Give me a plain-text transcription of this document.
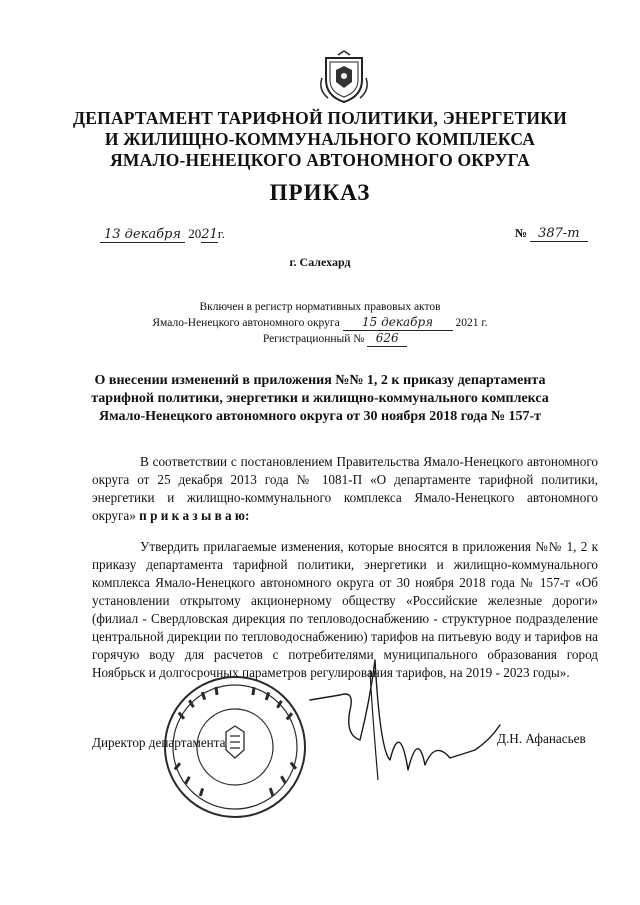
ДЕПАРТАМЕНТ ТАРИФНОЙ ПОЛИТИКИ, ЭНЕРГЕТИКИ
И ЖИЛИЩНО-КОММУНАЛЬНОГО КОМПЛЕКСА
ЯМАЛО-НЕНЕЦКОГО АВТОНОМНОГО ОКРУГА
ПРИКАЗ
13 декабря 2021г.	№ 387-т
г. Салехард
Включен в регистр нормативных правовых актов
Ямало-Ненецкого автономного округа 15 декабря 2021 г.
Регистрационный № 626
О внесении изменений в приложения №№ 1, 2 к приказу департамента
тарифной политики, энергетики и жилищно-коммунального комплекса
Ямало-Ненецкого автономного округа от 30 ноября 2018 года № 157-т
В соответствии с постановлением Правительства Ямало-Ненецкого автономного округа от 25 декабря 2013 года № 1081-П «О департаменте тарифной политики, энергетики и жилищно-коммунального комплекса Ямало-Ненецкого автономного округа» п р и к а з ы в а ю:
Утвердить прилагаемые изменения, которые вносятся в приложения №№ 1, 2 к приказу департамента тарифной политики, энергетики и жилищно-коммунального комплекса Ямало-Ненецкого автономного округа от 30 ноября 2018 года № 157-т «Об установлении открытому акционерному обществу «Российские железные дороги» (филиал - Свердловская дирекция по тепловодоснабжению - структурное подразделение центральной дирекции по тепловодоснабжению) тарифов на питьевую воду и тарифов на горячую воду для расчетов с потребителями муниципального образования город Ноябрьск и долгосрочных параметров регулирования тарифов, на 2019 - 2023 годы».
Директор департамента	Д.Н. Афанасьев
